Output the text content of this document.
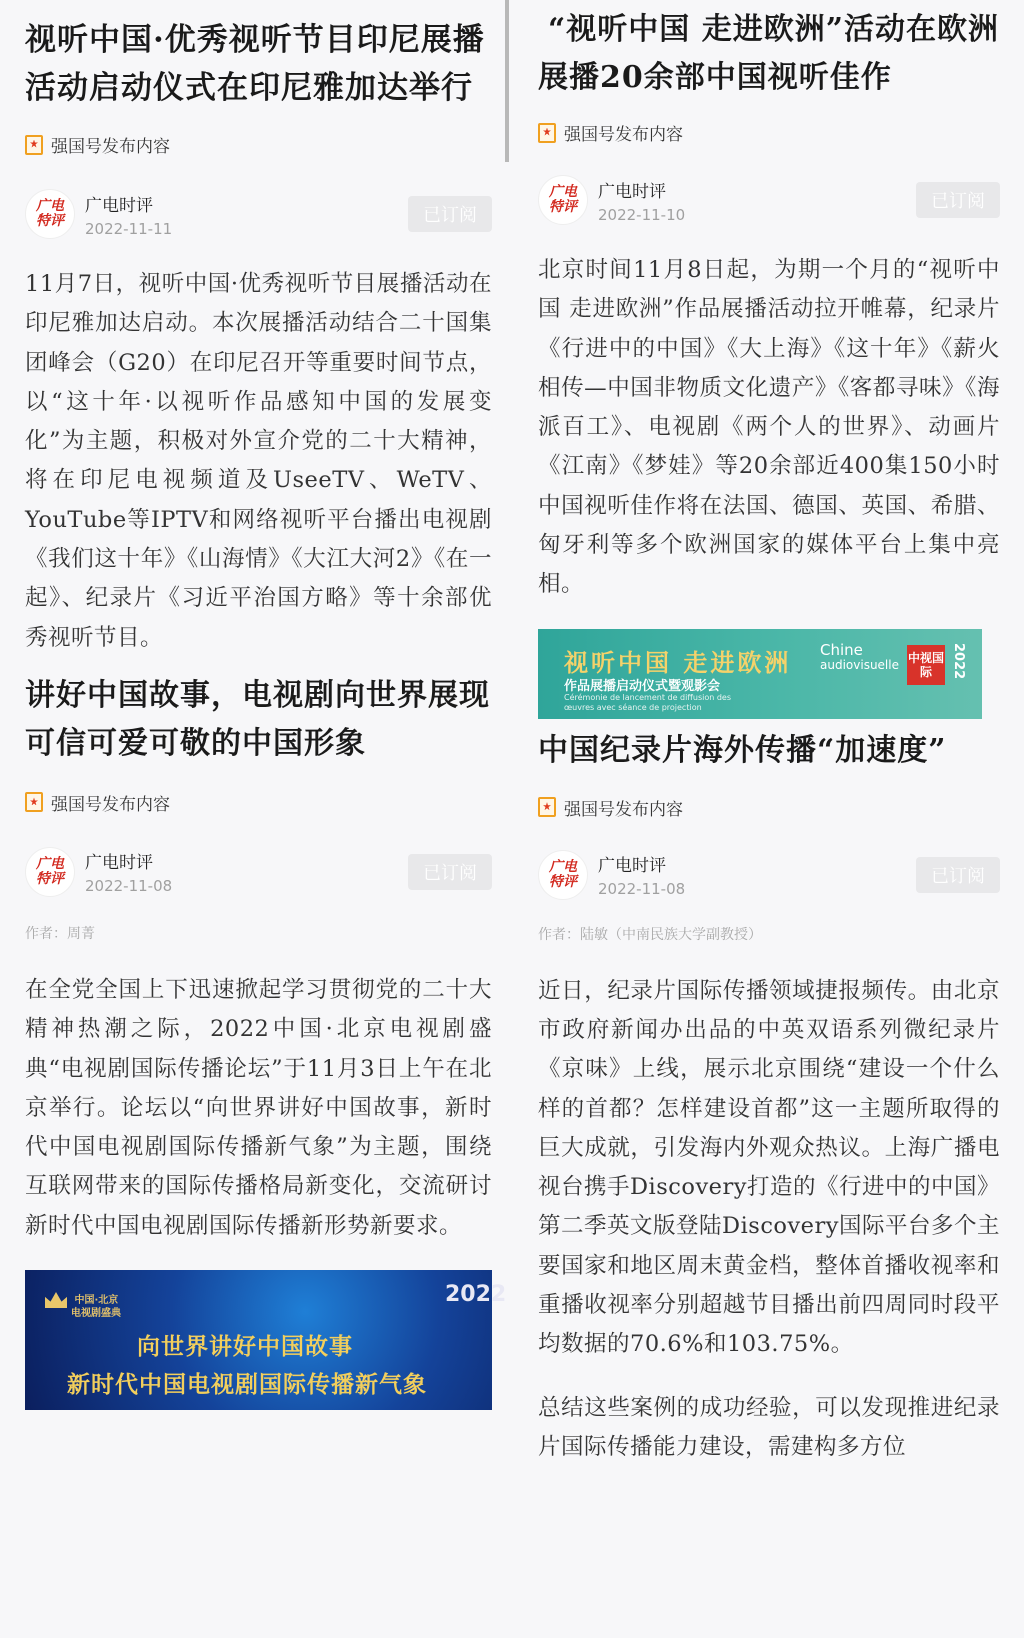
视听中国·优秀视听节目印尼展播活动启动仪式在印尼雅加达举行
强国号发布内容
广电
特评
广电时评
2022-11-11
已订阅

11月7日，视听中国·优秀视听节目展播活动在印尼雅加达启动。本次展播活动结合二十国集团峰会（G20）在印尼召开等重要时间节点，以“这十年·以视听作品感知中国的发展变化”为主题，积极对外宣介党的二十大精神，将在印尼电视频道及UseeTV、WeTV、YouTube等IPTV和网络视听平台播出电视剧《我们这十年》《山海情》《大江大河2》《在一起》、纪录片《习近平治国方略》等十余部优秀视听节目。

讲好中国故事，电视剧向世界展现可信可爱可敬的中国形象
强国号发布内容
广电
特评
广电时评
2022-11-08
已订阅
作者：周菁

在全党全国上下迅速掀起学习贯彻党的二十大精神热潮之际，2022中国·北京电视剧盛典“电视剧国际传播论坛”于11月3日上午在北京举行。论坛以“向世界讲好中国故事，新时代中国电视剧国际传播新气象”为主题，围绕互联网带来的国际传播格局新变化，交流研讨新时代中国电视剧国际传播新形势新要求。

中国·北京
电视剧盛典
2022
向世界讲好中国故事
新时代中国电视剧国际传播新气象
“视听中国 走进欧洲”活动在欧洲展播20余部中国视听佳作
强国号发布内容
广电
特评
广电时评
2022-11-10
已订阅

北京时间11月8日起，为期一个月的“视听中国 走进欧洲”作品展播活动拉开帷幕，纪录片《行进中的中国》《大上海》《这十年》《薪火相传—中国非物质文化遗产》《客都寻味》《海派百工》、电视剧《两个人的世界》、动画片《江南》《梦娃》等20余部近400集150小时中国视听佳作将在法国、德国、英国、希腊、匈牙利等多个欧洲国家的媒体平台上集中亮相。

视听中国 走进欧洲 Chine
audiovisuelle
作品展播启动仪式暨观影会
Cérémonie de lancement de diffusion des
œuvres avec séance de projection
中视国际	2022
中国纪录片海外传播“加速度”
强国号发布内容
广电
特评
广电时评
2022-11-08
已订阅
作者：陆敏（中南民族大学副教授）

近日，纪录片国际传播领域捷报频传。由北京市政府新闻办出品的中英双语系列微纪录片《京味》上线，展示北京围绕“建设一个什么样的首都？怎样建设首都”这一主题所取得的巨大成就，引发海内外观众热议。上海广播电视台携手Discovery打造的《行进中的中国》第二季英文版登陆Discovery国际平台多个主要国家和地区周末黄金档，整体首播收视率和重播收视率分别超越节目播出前四周同时段平均数据的70.6%和103.75%。

总结这些案例的成功经验，可以发现推进纪录片国际传播能力建设，需建构多方位
